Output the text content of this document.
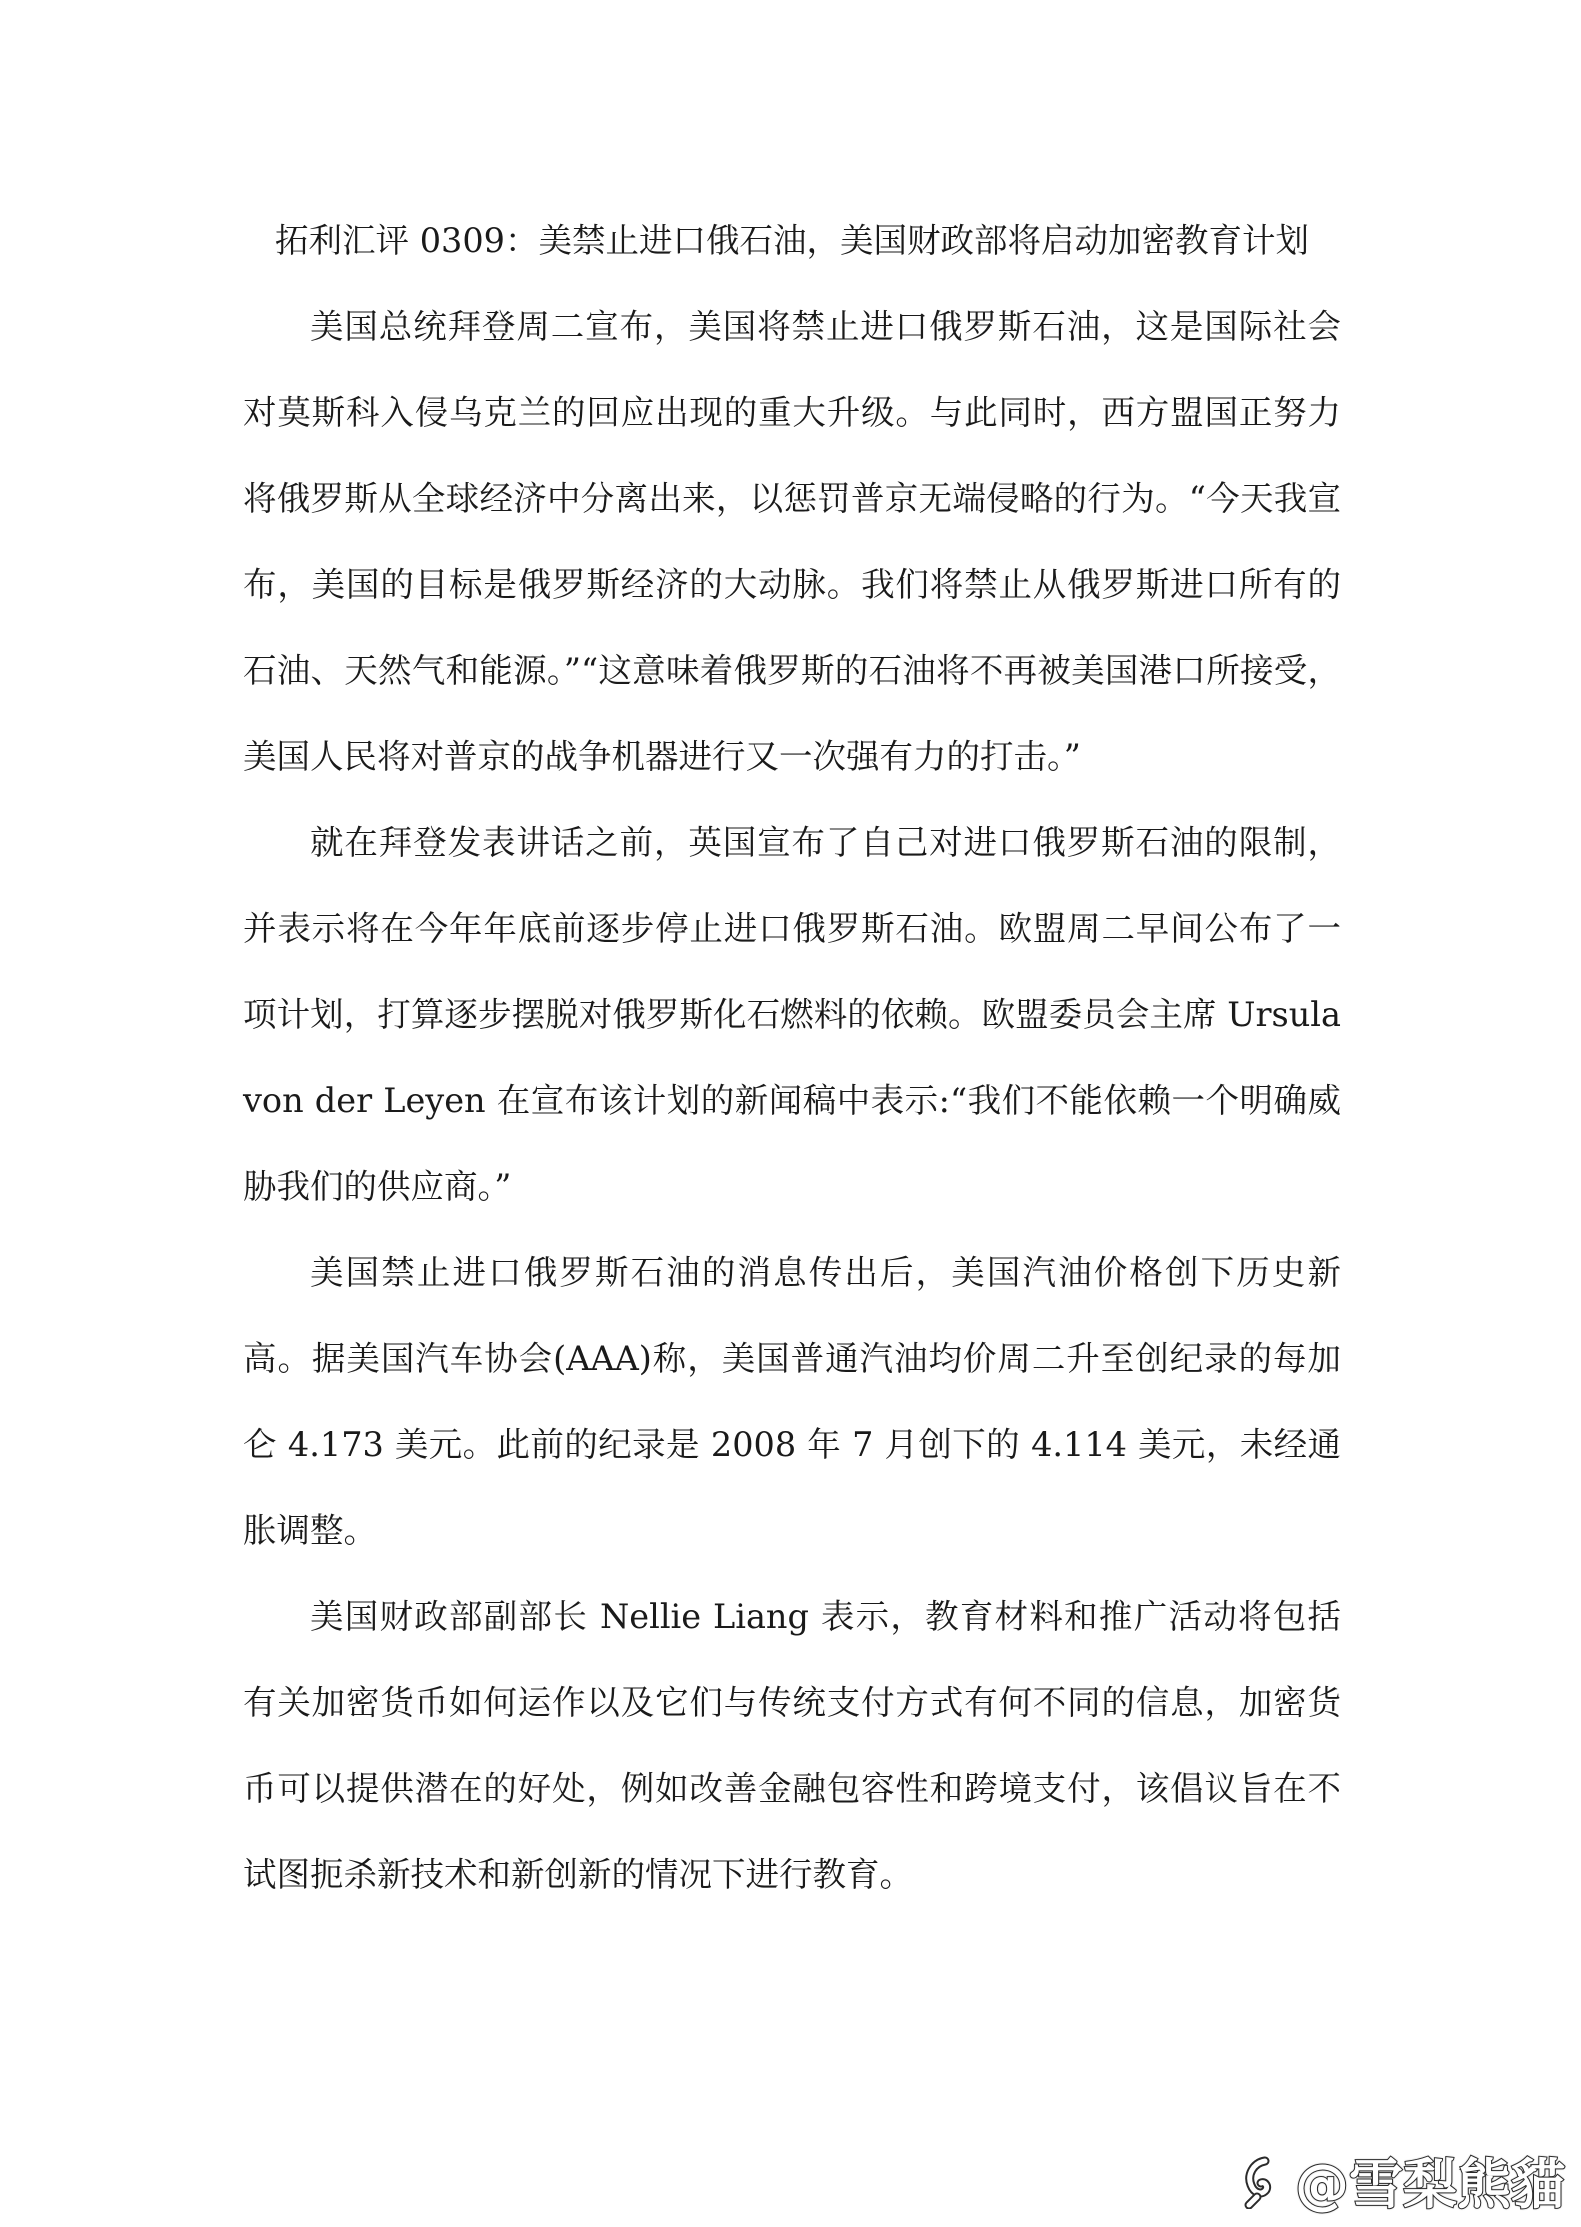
拓利汇评 0309：美禁止进口俄石油，美国财政部将启动加密教育计划

美国总统拜登周二宣布，美国将禁止进口俄罗斯石油，这是国际社会对莫斯科入侵乌克兰的回应出现的重大升级。与此同时，西方盟国正努力将俄罗斯从全球经济中分离出来，以惩罚普京无端侵略的行为。“今天我宣布，美国的目标是俄罗斯经济的大动脉。我们将禁止从俄罗斯进口所有的石油、天然气和能源。”“这意味着俄罗斯的石油将不再被美国港口所接受，美国人民将对普京的战争机器进行又一次强有力的打击。”

就在拜登发表讲话之前，英国宣布了自己对进口俄罗斯石油的限制，并表示将在今年年底前逐步停止进口俄罗斯石油。欧盟周二早间公布了一项计划，打算逐步摆脱对俄罗斯化石燃料的依赖。欧盟委员会主席 Ursula von der Leyen 在宣布该计划的新闻稿中表示:“我们不能依赖一个明确威胁我们的供应商。”

美国禁止进口俄罗斯石油的消息传出后，美国汽油价格创下历史新高。据美国汽车协会(AAA)称，美国普通汽油均价周二升至创纪录的每加仑 4.173 美元。此前的纪录是 2008 年 7 月创下的 4.114 美元，未经通胀调整。

美国财政部副部长 Nellie Liang 表示，教育材料和推广活动将包括有关加密货币如何运作以及它们与传统支付方式有何不同的信息，加密货币可以提供潜在的好处，例如改善金融包容性和跨境支付，该倡议旨在不试图扼杀新技术和新创新的情况下进行教育。

@雪梨熊貓
